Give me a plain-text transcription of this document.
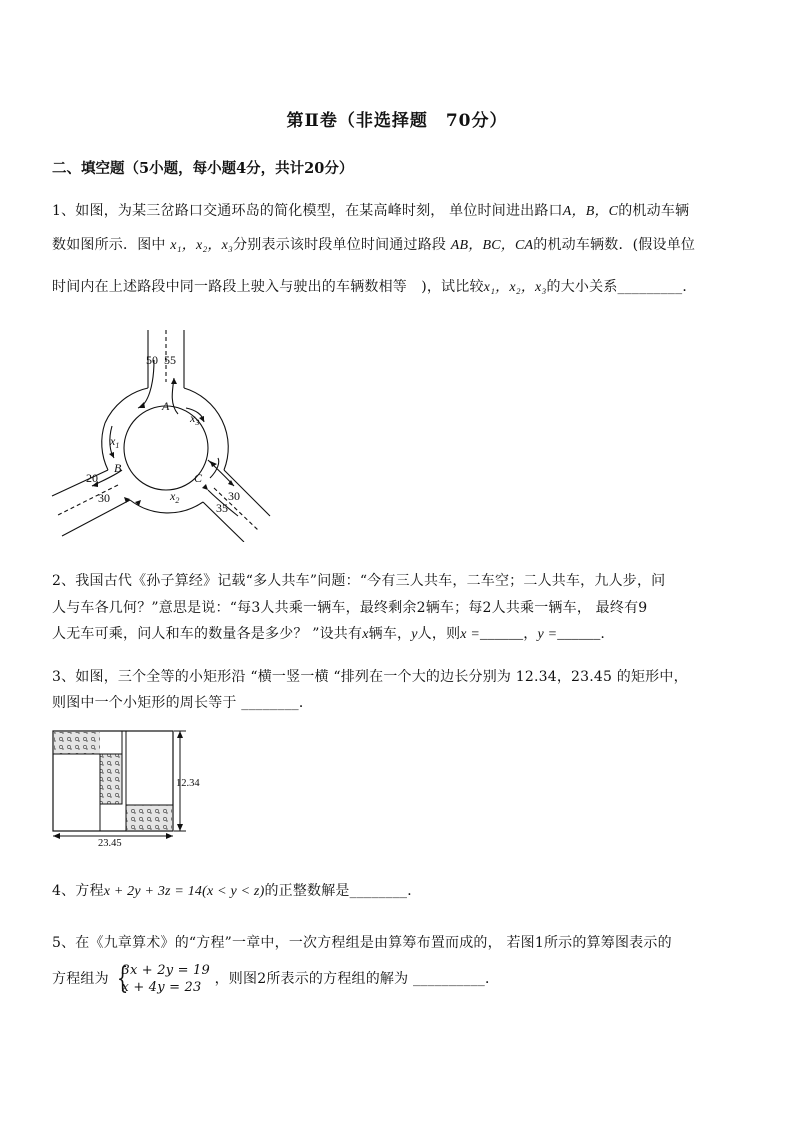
第Ⅱ卷（非选择题　70分）
二、填空题（5小题，每小题4分，共计20分）
1、如图，为某三岔路口交通环岛的简化模型，在某高峰时刻， 单位时间进出路口A，B，C的机动车辆
数如图所示．图中 x₁，x₂，x₃分别表示该时段单位时间通过路段 AB，BC，CA的机动车辆数．(假设单位
时间内在上述路段中同一路段上驶入与驶出的车辆数相等　)，试比较x₁，x₂，x₃的大小关系_________．
50 55
A
$x_3$
$x_1$
B
20
30	$x_2$
C
30
35
2、我国古代《孙子算经》记载“多人共车”问题：“今有三人共车，二车空；二人共车，九人步，问
人与车各几何？”意思是说：“每3人共乘一辆车，最终剩余2辆车；每2人共乘一辆车， 最终有9
人无车可乘，问人和车的数量各是多少？ ”设共有x辆车，y人，则x =______，y =______.
3、如图，三个全等的小矩形沿 “横一竖一横 “排列在一个大的边长分别为 12.34，23.45 的矩形中，
则图中一个小矩形的周长等于 ________．
12.34
23.45
4、方程x + 2y + 3z = 14(x < y < z)的正整数解是________．
5、在《九章算术》的“方程”一章中，一次方程组是由算筹布置而成的， 若图1所示的算筹图表示的
方程组为 {
3x + 2y = 19
x + 4y = 23
，则图2所表示的方程组的解为 __________．
